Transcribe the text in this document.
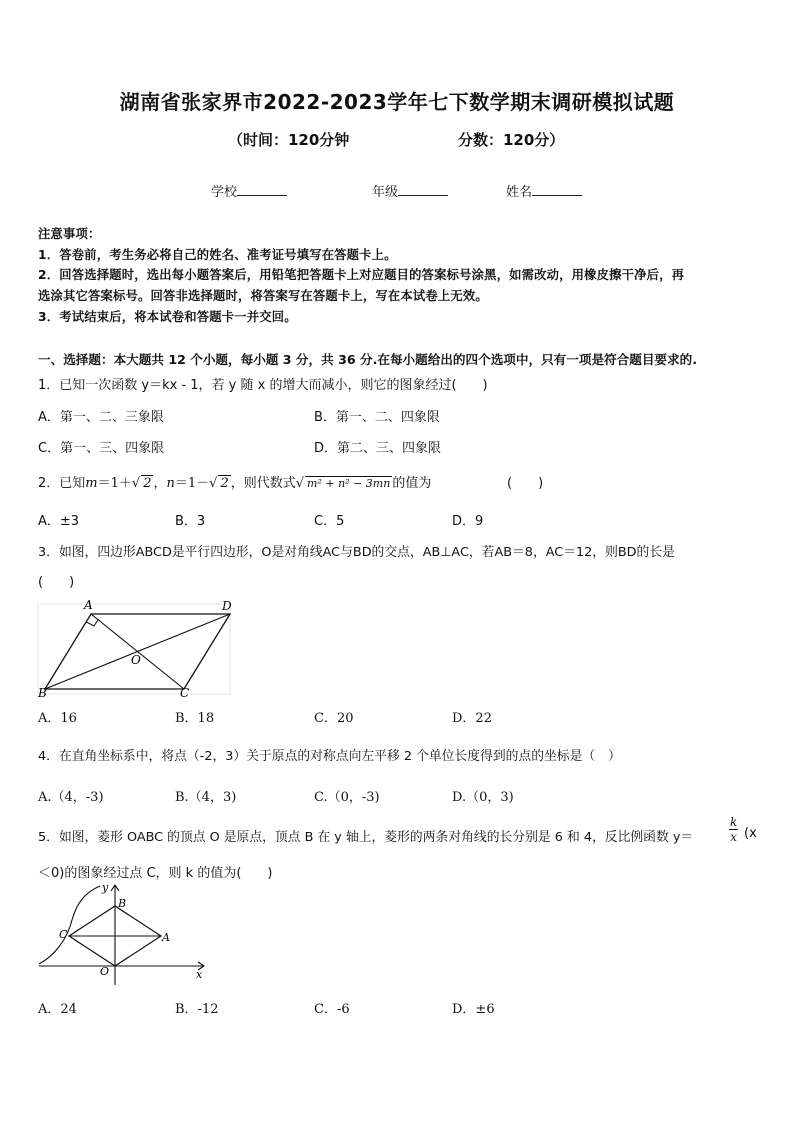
湖南省张家界市2022-2023学年七下数学期末调研模拟试题
（时间：120分钟	分数：120分）
学校	年级	姓名
注意事项：
1．答卷前，考生务必将自己的姓名、准考证号填写在答题卡上。
2．回答选择题时，选出每小题答案后，用铅笔把答题卡上对应题目的答案标号涂黑，如需改动，用橡皮擦干净后，再
选涂其它答案标号。回答非选择题时，将答案写在答题卡上，写在本试卷上无效。
3．考试结束后，将本试卷和答题卡一并交回。
一、选择题：本大题共 12 个小题，每小题 3 分，共 36 分.在每小题给出的四个选项中，只有一项是符合题目要求的.
1．已知一次函数 y＝kx - 1，若 y 随 x 的增大而减小，则它的图象经过(　　)
A．第一、二、三象限	B．第一、二、四象限
C．第一、三、四象限	D．第二、三、四象限
2．已知m＝1＋√ 2 ，n＝1－√ 2 ，则代数式√ m² + n² − 3mn 的值为	(　　)
A．±3	B．3	C．5	D．9
3．如图，四边形ABCD是平行四边形，O是对角线AC与BD的交点，AB⊥AC，若AB＝8，AC＝12，则BD的长是
(　　)
A	D
B	C
O
A．16	B．18	C．20	D．22
4．在直角坐标系中，将点（-2，3）关于原点的对称点向左平移 2 个单位长度得到的点的坐标是（　）
A.（4，-3)	B.（4，3)	C.（0，-3)	D.（0，3)
5．如图，菱形 OABC 的顶点 O 是原点，顶点 B 在 y 轴上，菱形的两条对角线的长分别是 6 和 4，反比例函数 y＝	$\frac{k}{x} (x$
＜0)的图象经过点 C，则 k 的值为(　　)
y
x
B
C	A
O
A．24	B．-12	C．-6	D．±6
